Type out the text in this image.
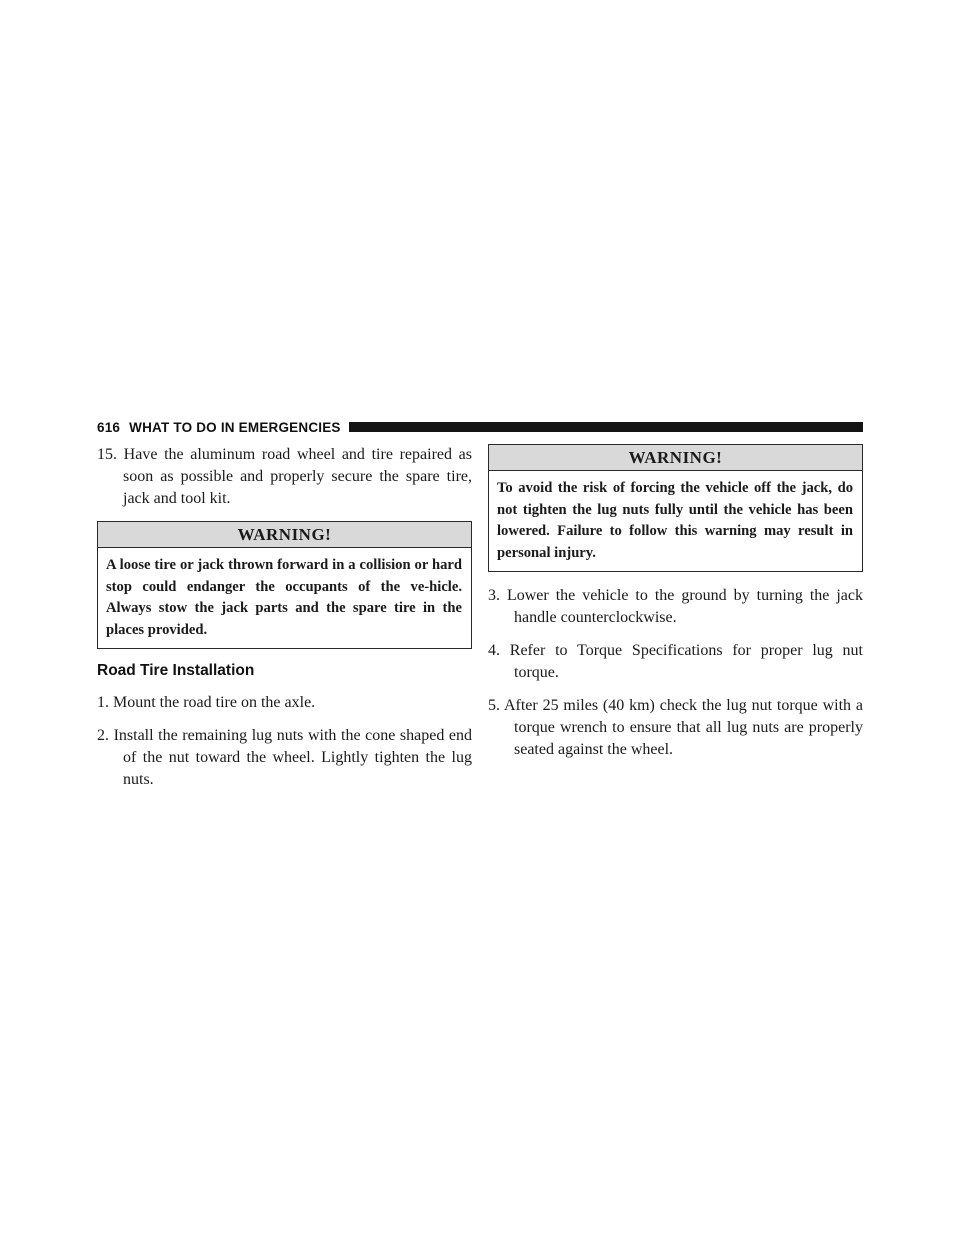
616 WHAT TO DO IN EMERGENCIES

15. Have the aluminum road wheel and tire repaired as soon as possible and properly secure the spare tire, jack and tool kit.

WARNING!
A loose tire or jack thrown forward in a collision or hard stop could endanger the occupants of the ve-hicle. Always stow the jack parts and the spare tire in the places provided.
Road Tire Installation

1. Mount the road tire on the axle.

2. Install the remaining lug nuts with the cone shaped end of the nut toward the wheel. Lightly tighten the lug nuts.

WARNING!
To avoid the risk of forcing the vehicle off the jack, do not tighten the lug nuts fully until the vehicle has been lowered. Failure to follow this warning may result in personal injury.

3. Lower the vehicle to the ground by turning the jack handle counterclockwise.

4. Refer to Torque Specifications for proper lug nut torque.

5. After 25 miles (40 km) check the lug nut torque with a torque wrench to ensure that all lug nuts are properly seated against the wheel.
